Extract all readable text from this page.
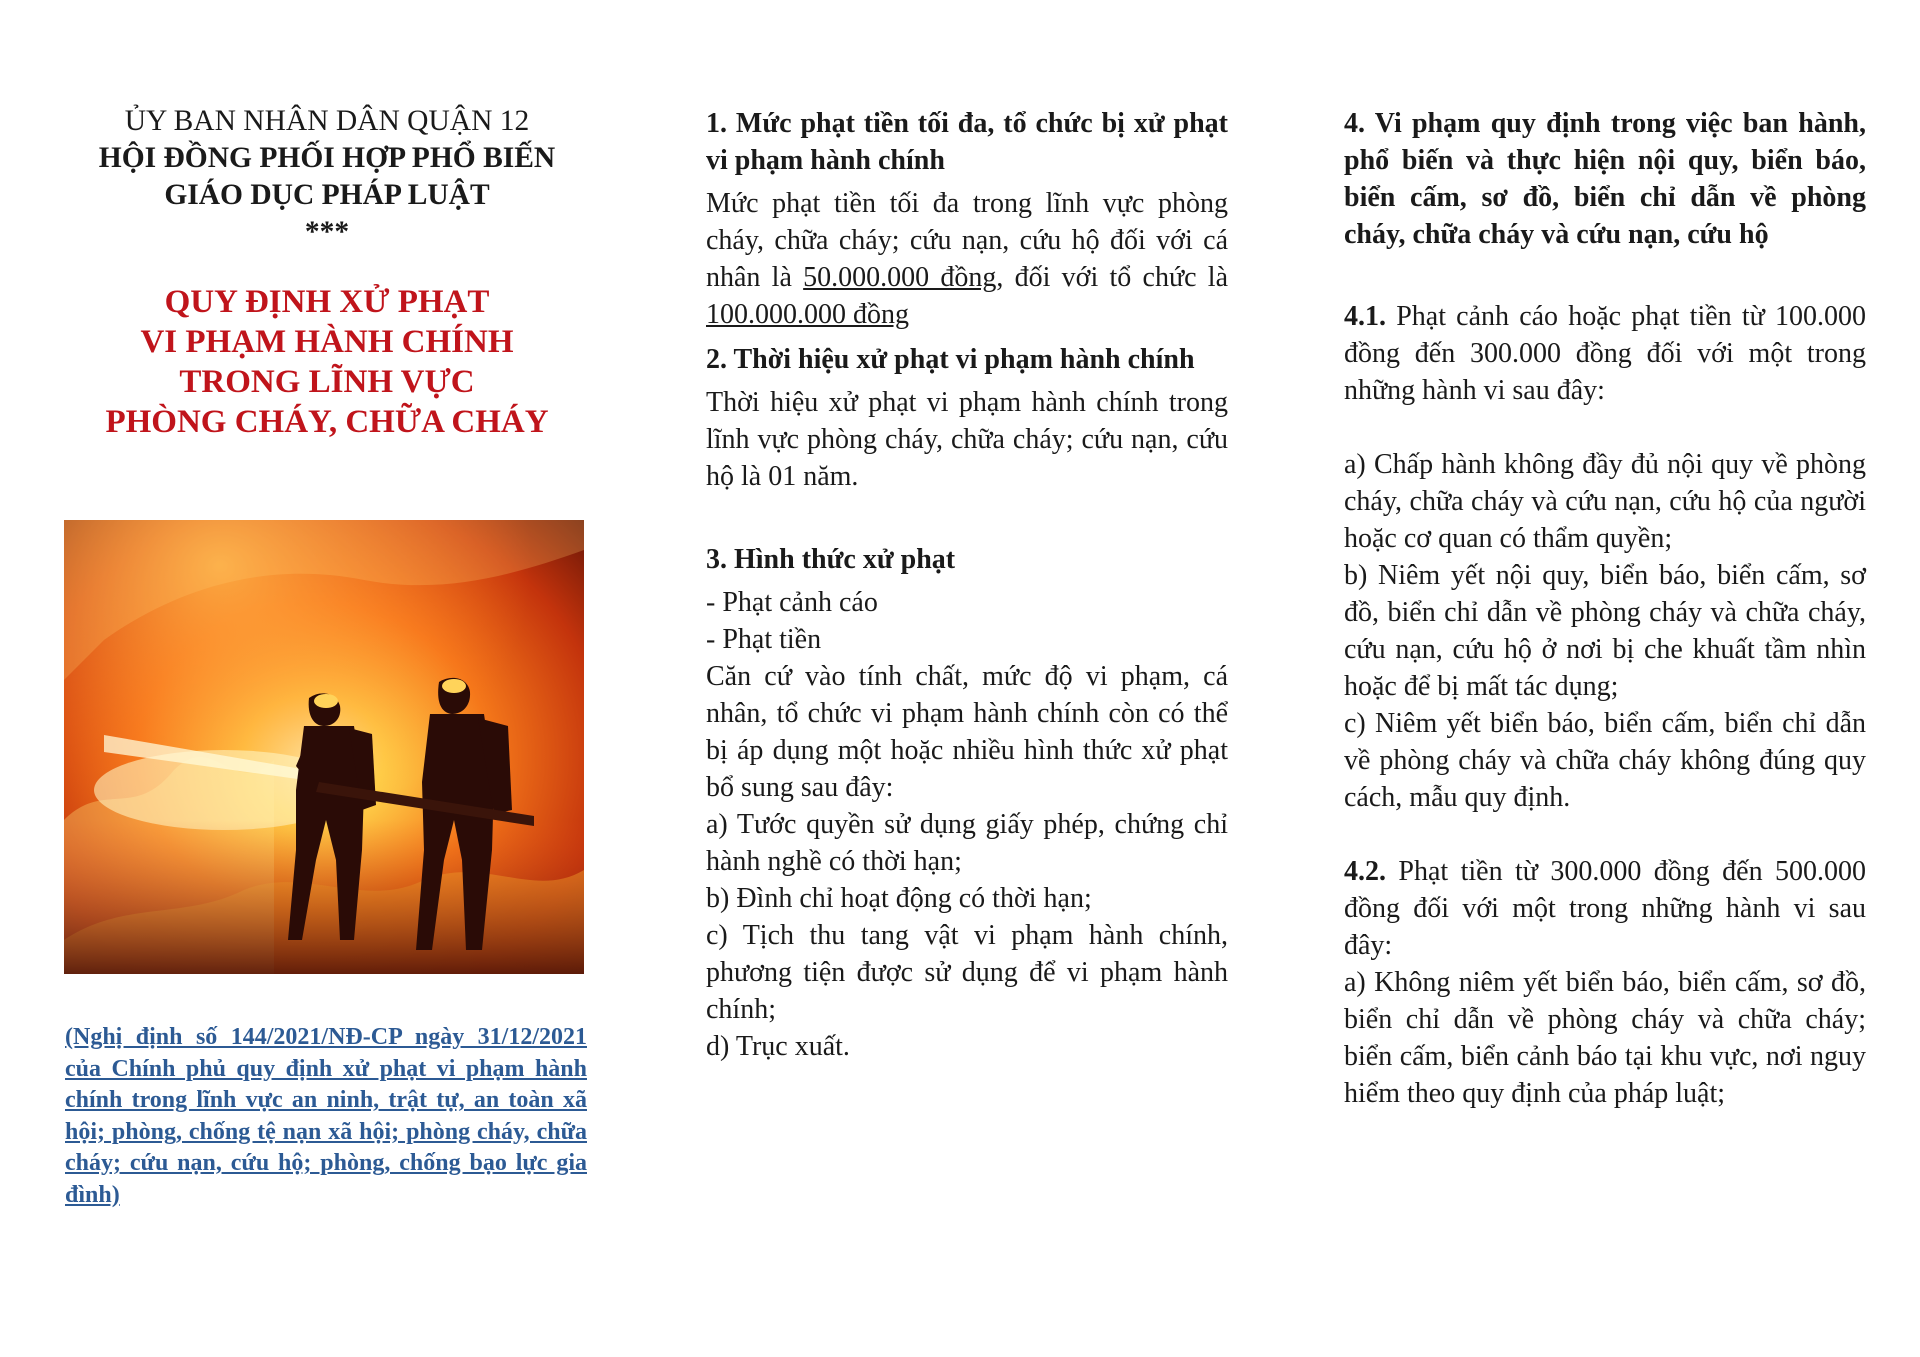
ỦY BAN NHÂN DÂN QUẬN 12
HỘI ĐỒNG PHỐI HỢP PHỔ BIẾN
GIÁO DỤC PHÁP LUẬT
***
QUY ĐỊNH XỬ PHẠT
VI PHẠM HÀNH CHÍNH
TRONG LĨNH VỰC
PHÒNG CHÁY, CHỮA CHÁY
(Nghị định số 144/2021/NĐ-CP ngày 31/12/2021 của Chính phủ quy định xử phạt vi phạm hành chính trong lĩnh vực an ninh, trật tự, an toàn xã hội; phòng, chống tệ nạn xã hội; phòng cháy, chữa cháy; cứu nạn, cứu hộ; phòng, chống bạo lực gia đình)
1. Mức phạt tiền tối đa, tổ chức bị xử phạt vi phạm hành chính
Mức phạt tiền tối đa trong lĩnh vực phòng cháy, chữa cháy; cứu nạn, cứu hộ đối với cá nhân là 50.000.000 đồng, đối với tổ chức là 100.000.000 đồng
2. Thời hiệu xử phạt vi phạm hành chính
Thời hiệu xử phạt vi phạm hành chính trong lĩnh vực phòng cháy, chữa cháy; cứu nạn, cứu hộ là 01 năm.
3. Hình thức xử phạt
- Phạt cảnh cáo
- Phạt tiền
Căn cứ vào tính chất, mức độ vi phạm, cá nhân, tổ chức vi phạm hành chính còn có thể bị áp dụng một hoặc nhiều hình thức xử phạt bổ sung sau đây:
a) Tước quyền sử dụng giấy phép, chứng chỉ hành nghề có thời hạn;
b) Đình chỉ hoạt động có thời hạn;
c) Tịch thu tang vật vi phạm hành chính, phương tiện được sử dụng để vi phạm hành chính;
d) Trục xuất.
4. Vi phạm quy định trong việc ban hành, phổ biến và thực hiện nội quy, biển báo, biển cấm, sơ đồ, biển chỉ dẫn về phòng cháy, chữa cháy và cứu nạn, cứu hộ
4.1. Phạt cảnh cáo hoặc phạt tiền từ 100.000 đồng đến 300.000 đồng đối với một trong những hành vi sau đây:
a) Chấp hành không đầy đủ nội quy về phòng cháy, chữa cháy và cứu nạn, cứu hộ của người hoặc cơ quan có thẩm quyền;
b) Niêm yết nội quy, biển báo, biển cấm, sơ đồ, biển chỉ dẫn về phòng cháy và chữa cháy, cứu nạn, cứu hộ ở nơi bị che khuất tầm nhìn hoặc để bị mất tác dụng;
c) Niêm yết biển báo, biển cấm, biển chỉ dẫn về phòng cháy và chữa cháy không đúng quy cách, mẫu quy định.
4.2. Phạt tiền từ 300.000 đồng đến 500.000 đồng đối với một trong những hành vi sau đây:
a) Không niêm yết biển báo, biển cấm, sơ đồ, biển chỉ dẫn về phòng cháy và chữa cháy; biển cấm, biển cảnh báo tại khu vực, nơi nguy hiểm theo quy định của pháp luật;
